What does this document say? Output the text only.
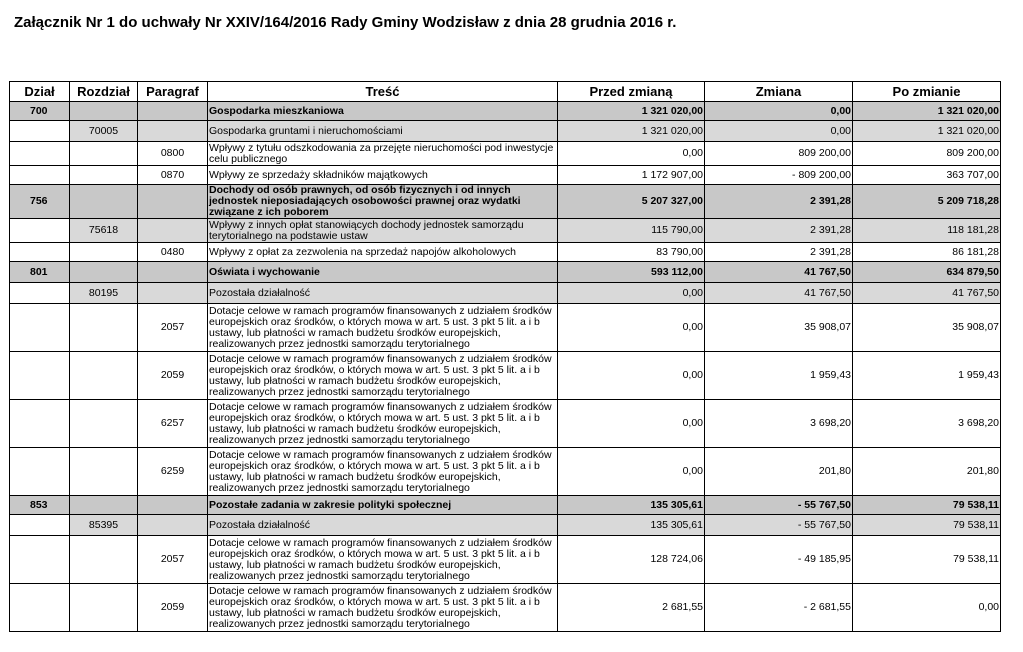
Załącznik Nr 1 do uchwały Nr XXIV/164/2016 Rady Gminy Wodzisław z dnia 28 grudnia 2016 r.
Dział	Rozdział	Paragraf	Treść	Przed zmianą	Zmiana	Po zmianie
700			Gospodarka mieszkaniowa	1 321 020,00	0,00	1 321 020,00
	70005		Gospodarka gruntami i nieruchomościami	1 321 020,00	0,00	1 321 020,00
		0800	Wpływy z tytułu odszkodowania za przejęte nieruchomości pod inwestycje celu publicznego	0,00	809 200,00	809 200,00
		0870	Wpływy ze sprzedaży składników majątkowych	1 172 907,00	- 809 200,00	363 707,00
756			Dochody od osób prawnych, od osób fizycznych i od innych jednostek nieposiadających osobowości prawnej oraz wydatki związane z ich poborem	5 207 327,00	2 391,28	5 209 718,28
	75618		Wpływy z innych opłat stanowiących dochody jednostek samorządu terytorialnego na podstawie ustaw	115 790,00	2 391,28	118 181,28
		0480	Wpływy z opłat za zezwolenia na sprzedaż napojów alkoholowych	83 790,00	2 391,28	86 181,28
801			Oświata i wychowanie	593 112,00	41 767,50	634 879,50
	80195		Pozostała działalność	0,00	41 767,50	41 767,50
		2057	Dotacje celowe w ramach programów finansowanych z udziałem środków europejskich oraz środków, o których mowa w art. 5 ust. 3 pkt 5 lit. a i b ustawy, lub płatności w ramach budżetu środków europejskich, realizowanych przez jednostki samorządu terytorialnego	0,00	35 908,07	35 908,07
		2059	Dotacje celowe w ramach programów finansowanych z udziałem środków europejskich oraz środków, o których mowa w art. 5 ust. 3 pkt 5 lit. a i b ustawy, lub płatności w ramach budżetu środków europejskich, realizowanych przez jednostki samorządu terytorialnego	0,00	1 959,43	1 959,43
		6257	Dotacje celowe w ramach programów finansowanych z udziałem środków europejskich oraz środków, o których mowa w art. 5 ust. 3 pkt 5 lit. a i b ustawy, lub płatności w ramach budżetu środków europejskich, realizowanych przez jednostki samorządu terytorialnego	0,00	3 698,20	3 698,20
		6259	Dotacje celowe w ramach programów finansowanych z udziałem środków europejskich oraz środków, o których mowa w art. 5 ust. 3 pkt 5 lit. a i b ustawy, lub płatności w ramach budżetu środków europejskich, realizowanych przez jednostki samorządu terytorialnego	0,00	201,80	201,80
853			Pozostałe zadania w zakresie polityki społecznej	135 305,61	- 55 767,50	79 538,11
	85395		Pozostała działalność	135 305,61	- 55 767,50	79 538,11
		2057	Dotacje celowe w ramach programów finansowanych z udziałem środków europejskich oraz środków, o których mowa w art. 5 ust. 3 pkt 5 lit. a i b ustawy, lub płatności w ramach budżetu środków europejskich, realizowanych przez jednostki samorządu terytorialnego	128 724,06	- 49 185,95	79 538,11
		2059	Dotacje celowe w ramach programów finansowanych z udziałem środków europejskich oraz środków, o których mowa w art. 5 ust. 3 pkt 5 lit. a i b ustawy, lub płatności w ramach budżetu środków europejskich, realizowanych przez jednostki samorządu terytorialnego	2 681,55	- 2 681,55	0,00
